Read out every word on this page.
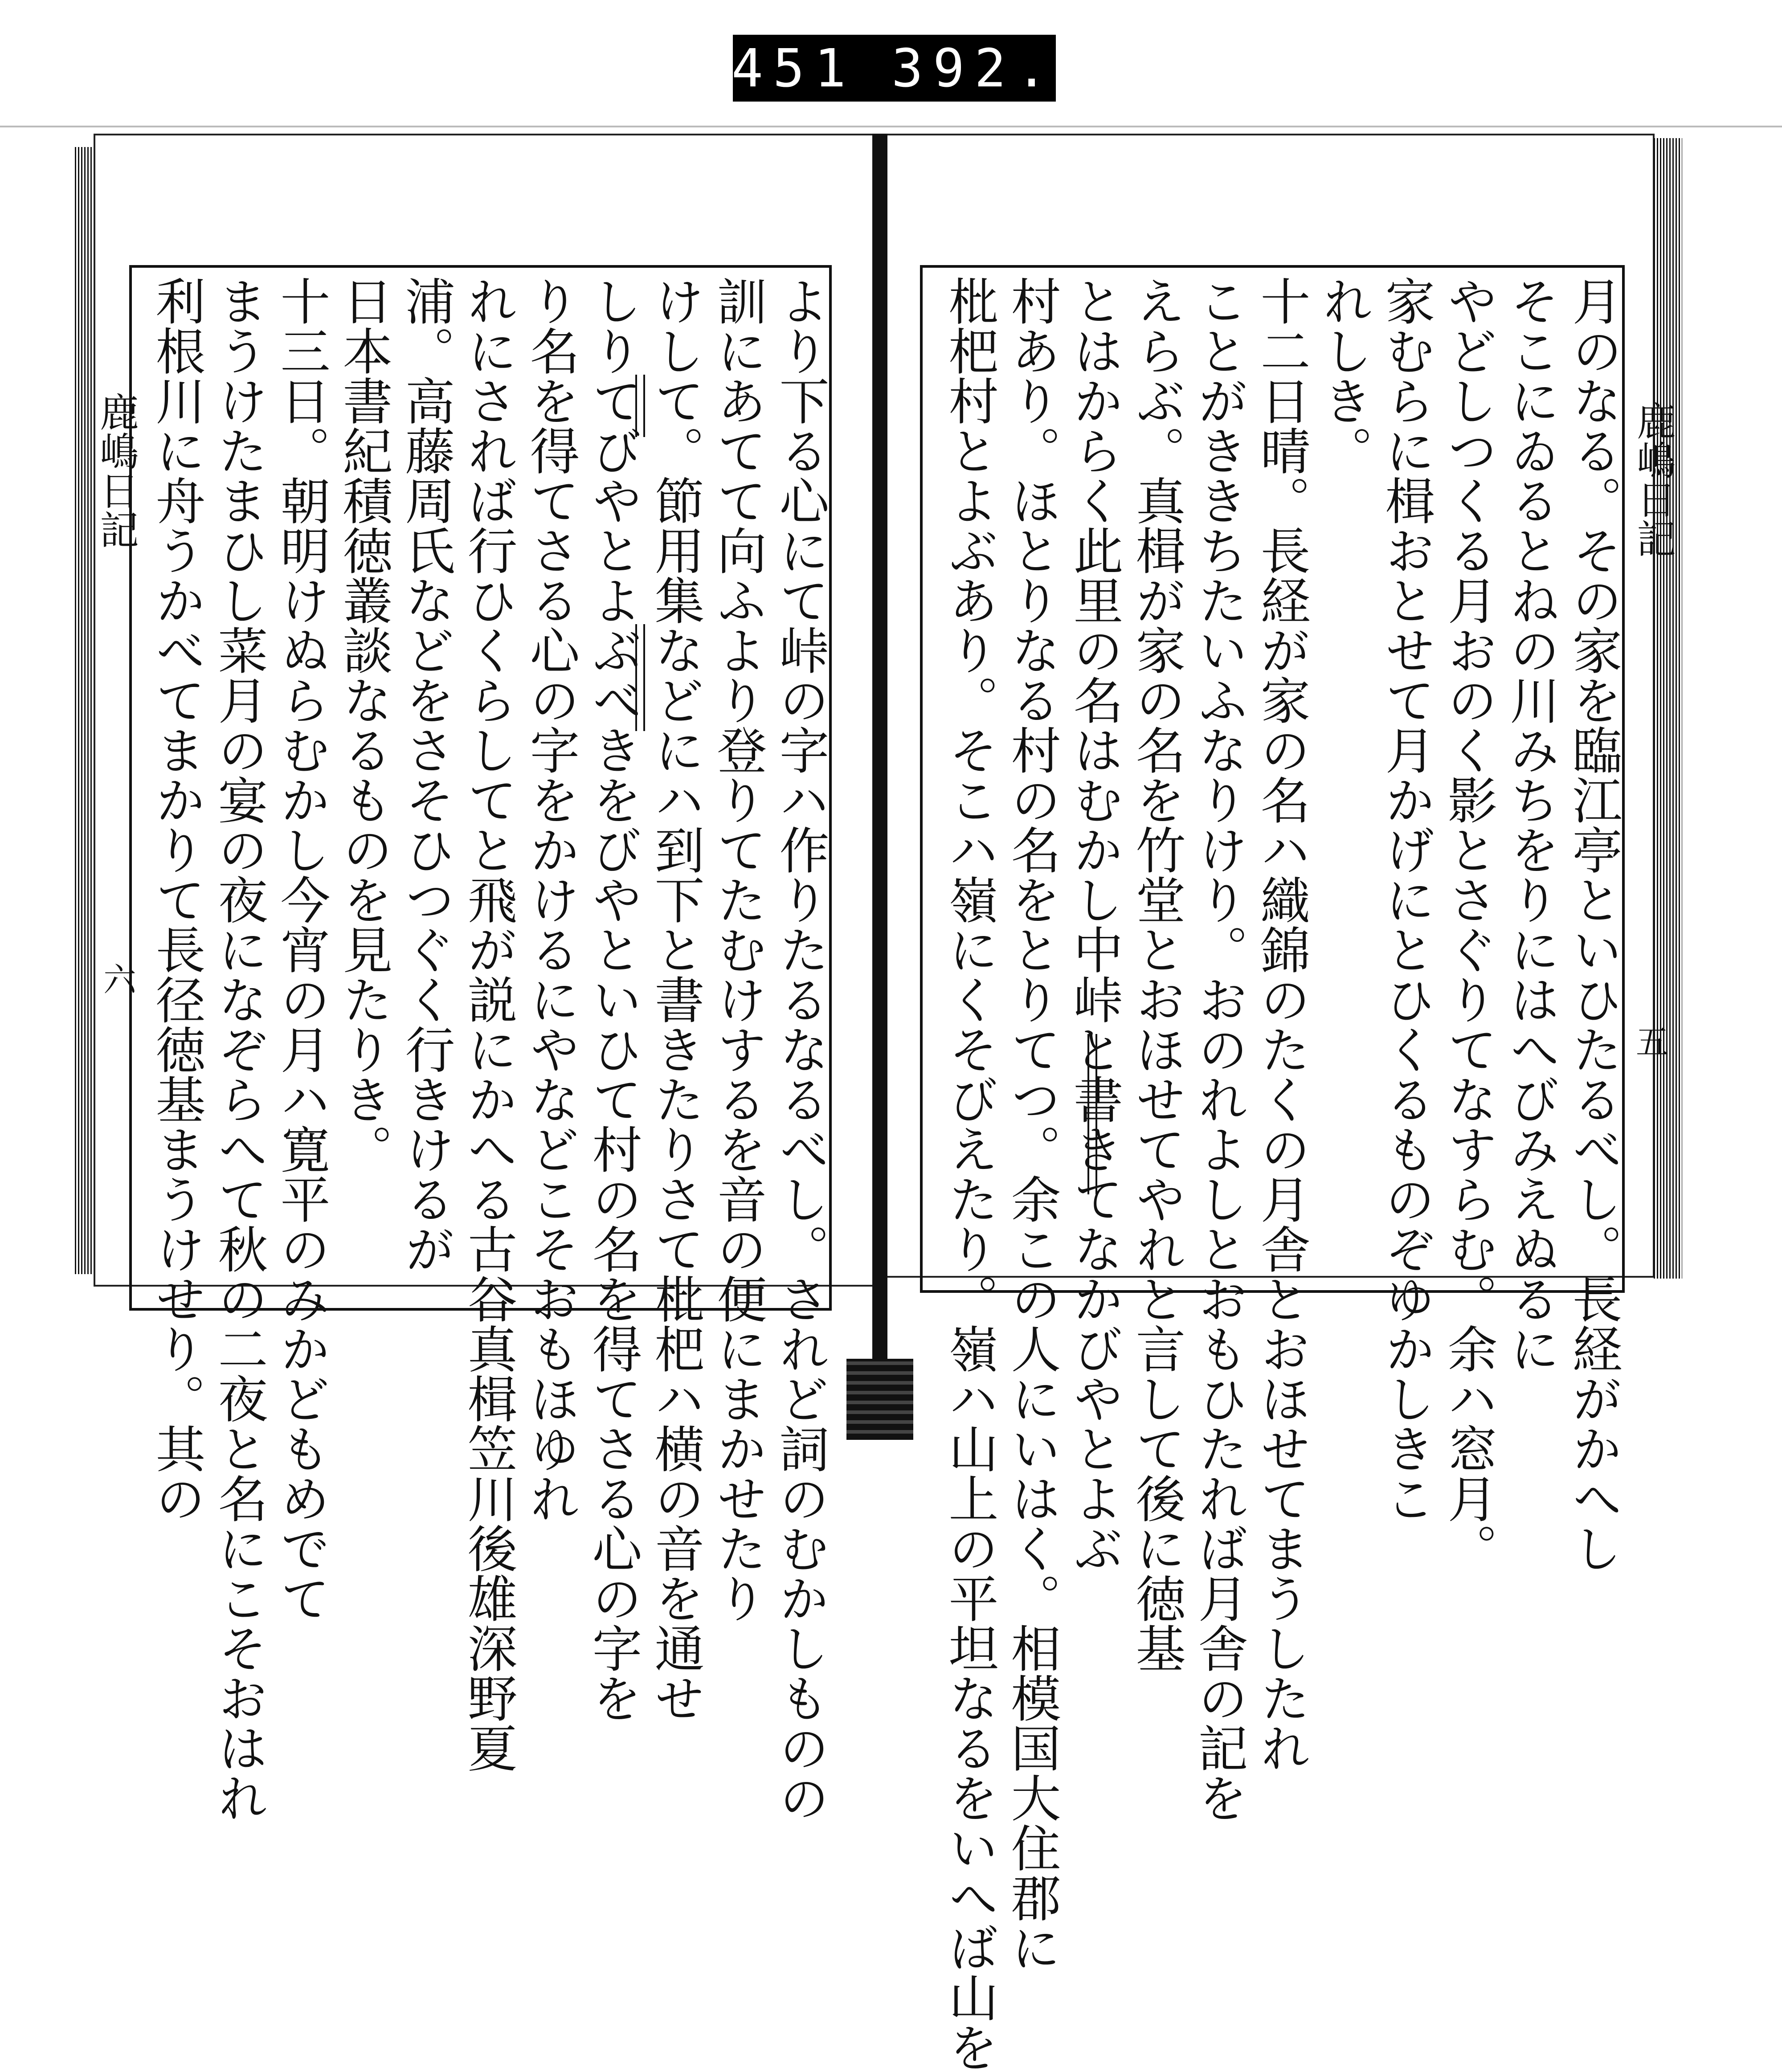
451 392.
鹿嶋日記
六
鹿嶋日記
五
より下る心にて峠の字ハ作りたるなるべし。されど詞のむかしものの
訓にあてて向ふより登りてたむけするを音の便にまかせたり
けして。節用集などにハ到下と書きたりさて枇杷ハ横の音を通せ
しりてびやとよぶべきをびやといひて村の名を得てさる心の字を
り名を得てさる心の字をかけるにやなどこそおもほゆれ
れにされば行ひくらしてと飛が説にかへる古谷真楫笠川後雄深野夏
浦。高藤周氏などをさそひつぐく行きけるが
日本書紀積徳叢談なるものを見たりき。
十三日。朝明けぬらむかし今宵の月ハ寛平のみかどもめでて
まうけたまひし菜月の宴の夜になぞらへて秋の二夜と名にこそおはれ
利根川に舟うかべてまかりて長径徳基まうけせり。其の	月のなる。その家を臨江亭といひたるべし。長経がかへし
そこにゐるとねの川みちをりにはへびみえぬるに
やどしつくる月おのく影とさぐりてなすらむ。余ハ窓月。
家むらに楫おとせて月かげにとひくるものぞゆかしきこ
れしき。
十二日晴。長経が家の名ハ織錦のたくの月舎とおほせてまうしたれ
ことがききちたいふなりけり。おのれよしとおもひたれば月舎の記を
えらぶ。真楫が家の名を竹堂とおほせてやれと言して後に徳基
とはからく此里の名はむかし中峠と書きてなかびやとよぶ
村あり。ほとりなる村の名をとりてつ。余この人にいはく。相模国大住郡に
枇杷村とよぶあり。そこハ嶺にくそびえたり。嶺ハ山上の平坦なるをいへば山を
